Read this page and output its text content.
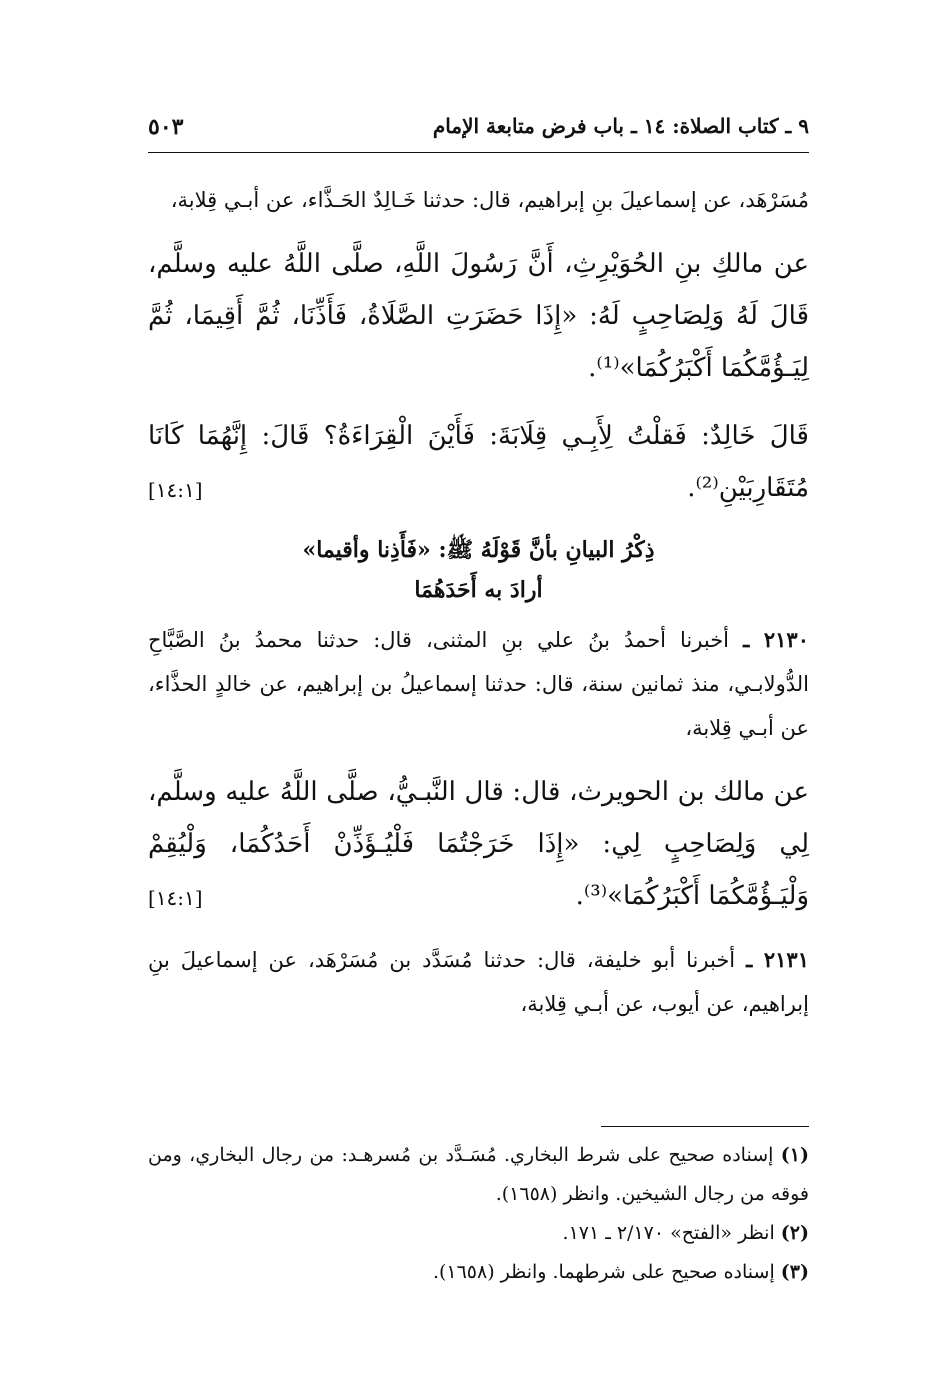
٩ ـ كتاب الصلاة: ١٤ ـ باب فرض متابعة الإمام
٥٠٣

مُسَرْهَد، عن إسماعيلَ بنِ إبراهيم، قال: حدثنا خَـالِدٌ الحَـذَّاء، عن أبـي قِلابة،

عن مالكِ بنِ الحُوَيْرِثِ، أَنَّ رَسُولَ اللَّهِ، صلَّى اللَّهُ عليه وسلَّم، قَالَ لَهُ وَلِصَاحِبٍ لَهُ: «إِذَا حَضَرَتِ الصَّلَاةُ، فَأَذِّنَا، ثُمَّ أَقِيمَا، ثُمَّ لِيَـؤُمَّكُمَا أَكْبَرُكُمَا»⁽¹⁾.

قَالَ خَالِدٌ: فَقلْتُ لِأَبِـي قِلَابَةَ: فَأَيْنَ الْقِرَاءَةُ؟ قَالَ: إِنَّهُمَا كَانَا مُتَقَارِبَيْنِ⁽²⁾.
[١٤:١]

ذِكْرُ البيانِ بأنَّ قَوْلَهُ ﷺ: «فَأَذِنا وأقيما»
أرادَ به أَحَدَهُمَا

٢١٣٠ ـ أخبرنا أحمدُ بنُ علي بنِ المثنى، قال: حدثنا محمدُ بنُ الصَّبَّاحِ الدُّولابـي، منذ ثمانين سنة، قال: حدثنا إسماعيلُ بن إبراهيم، عن خالدٍ الحذَّاء، عن أبـي قِلابة،

عن مالك بن الحويرث، قال: قال النَّبـيُّ، صلَّى اللَّهُ عليه وسلَّم، لِي وَلِصَاحِبٍ لِي: «إِذَا خَرَجْتُمَا فَلْيُـؤَذِّنْ أَحَدُكُمَا، وَلْيُقِمْ وَلْيَـؤُمَّكُمَا أَكْبَرُكُمَا»⁽³⁾.
[١٤:١]

٢١٣١ ـ أخبرنا أبو خليفة، قال: حدثنا مُسَدَّد بن مُسَرْهَد، عن إسماعيلَ بنِ إبراهيم، عن أيوب، عن أبـي قِلابة،

(١) إسناده صحيح على شرط البخاري. مُسَـدَّد بن مُسرهـد: من رجال البخاري، ومن فوقه من رجال الشيخين. وانظر (١٦٥٨).

(٢) انظر «الفتح» ٢/١٧٠ ـ ١٧١.

(٣) إسناده صحيح على شرطهما. وانظر (١٦٥٨).
